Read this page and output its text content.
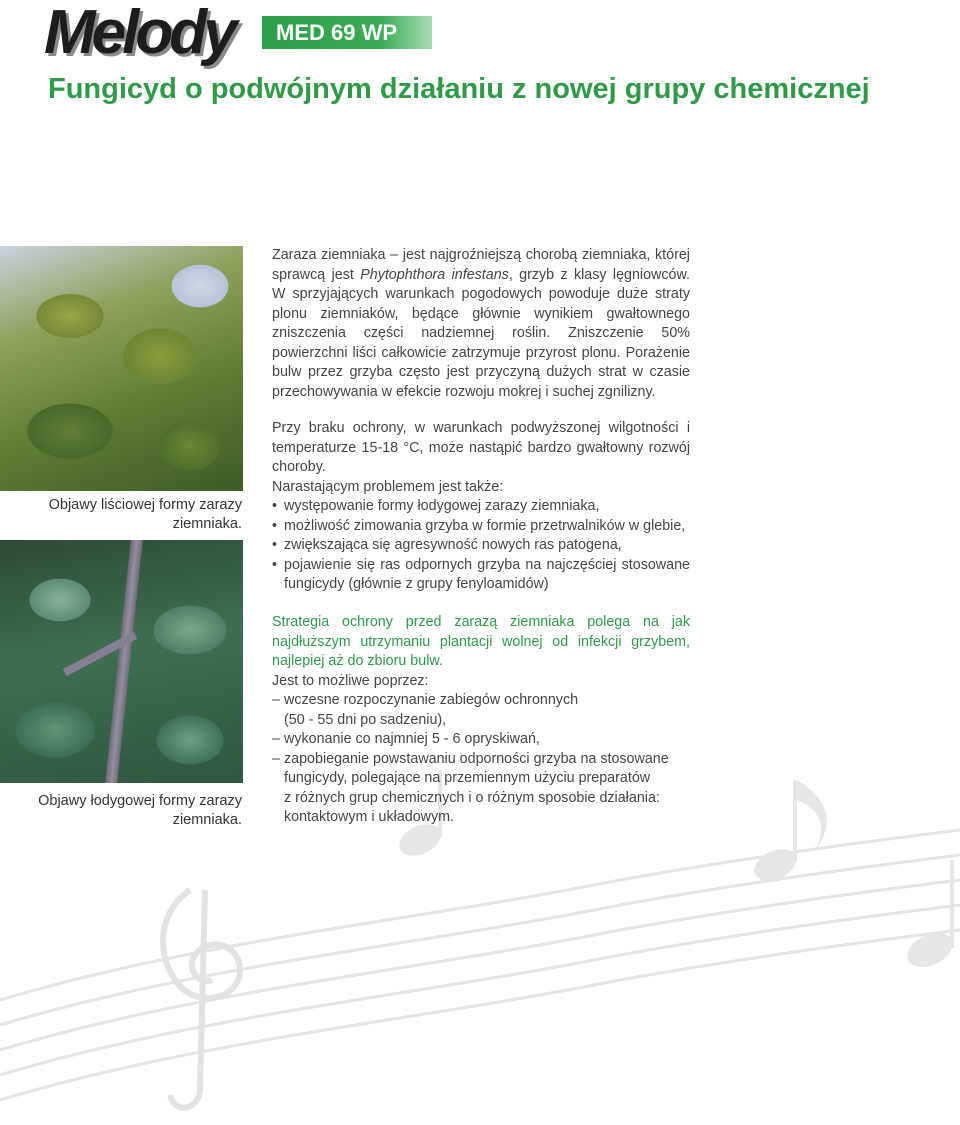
Melody MED 69 WP
Fungicyd o podwójnym działaniu z nowej grupy chemicznej
Objawy liściowej formy zarazy
ziemniaka.
Objawy łodygowej formy zarazy
ziemniaka.
Zaraza ziemniaka – jest najgroźniejszą chorobą ziemniaka, której sprawcą jest Phytophthora infestans, grzyb z klasy lęgniowców. W sprzyjających warunkach pogodowych powoduje duże straty plonu ziemniaków, będące głównie wynikiem gwałtownego zniszczenia części nadziemnej roślin. Zniszczenie 50% powierzchni liści całkowicie zatrzymuje przyrost plonu. Porażenie bulw przez grzyba często jest przyczyną dużych strat w czasie przechowywania w efekcie rozwoju mokrej i suchej zgnilizny.
Przy braku ochrony, w warunkach podwyższonej wilgotności i temperaturze 15-18 °C, może nastąpić bardzo gwałtowny rozwój choroby.
Narastającym problemem jest także:
• występowanie formy łodygowej zarazy ziemniaka,
• możliwość zimowania grzyba w formie przetrwalników w glebie,
• zwiększająca się agresywność nowych ras patogena,
• pojawienie się ras odpornych grzyba na najczęściej stosowane fungicydy (głównie z grupy fenyloamidów)
Strategia ochrony przed zarazą ziemniaka polega na jak najdłuższym utrzymaniu plantacji wolnej od infekcji grzybem, najlepiej aż do zbioru bulw.
Jest to możliwe poprzez:
– wczesne rozpoczynanie zabiegów ochronnych
(50 - 55 dni po sadzeniu),
– wykonanie co najmniej 5 - 6 opryskiwań,
– zapobieganie powstawaniu odporności grzyba na stosowane
fungicydy, polegające na przemiennym użyciu preparatów
z różnych grup chemicznych i o różnym sposobie działania:
kontaktowym i układowym.
